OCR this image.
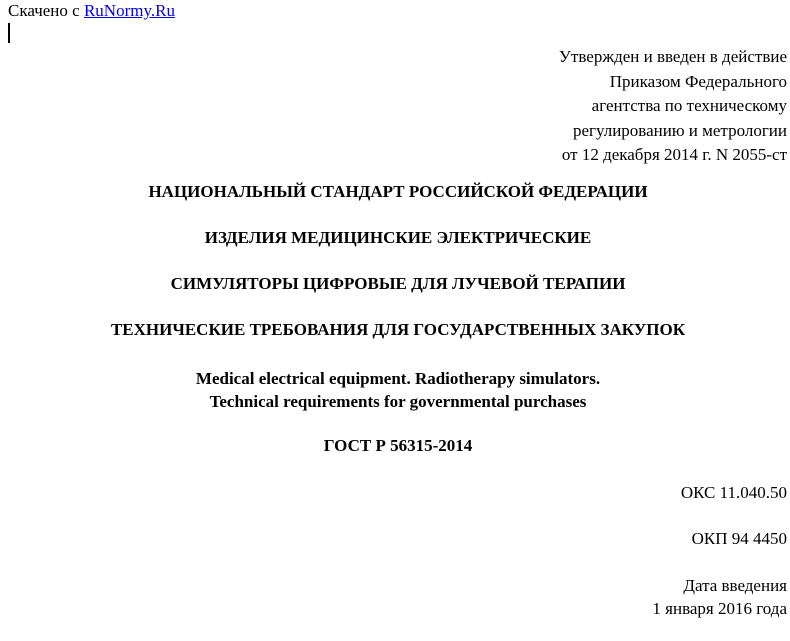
Скачено с RuNormy.Ru
Утвержден и введен в действие
Приказом Федерального
агентства по техническому
регулированию и метрологии
от 12 декабря 2014 г. N 2055-ст
НАЦИОНАЛЬНЫЙ СТАНДАРТ РОССИЙСКОЙ ФЕДЕРАЦИИ
ИЗДЕЛИЯ МЕДИЦИНСКИЕ ЭЛЕКТРИЧЕСКИЕ
СИМУЛЯТОРЫ ЦИФРОВЫЕ ДЛЯ ЛУЧЕВОЙ ТЕРАПИИ
ТЕХНИЧЕСКИЕ ТРЕБОВАНИЯ ДЛЯ ГОСУДАРСТВЕННЫХ ЗАКУПОК
Medical electrical equipment. Radiotherapy simulators.
Technical requirements for governmental purchases
ГОСТ Р 56315-2014
ОКС 11.040.50
ОКП 94 4450
Дата введения
1 января 2016 года
